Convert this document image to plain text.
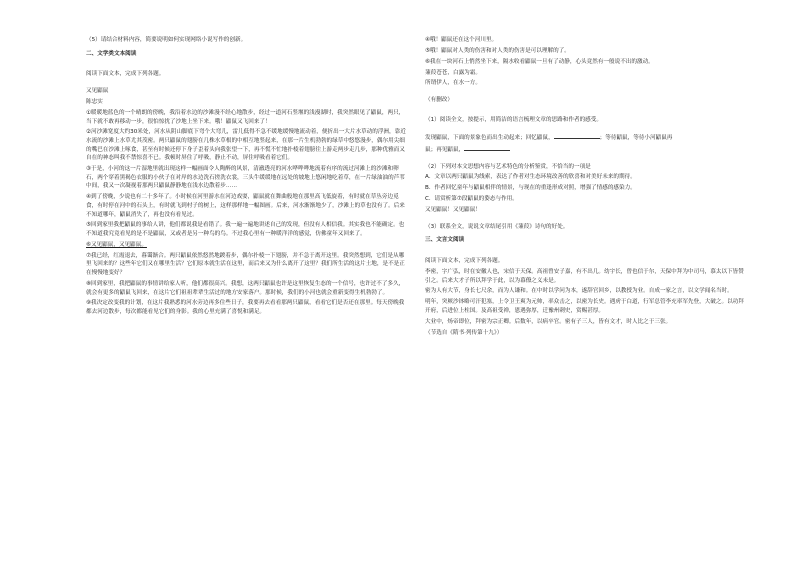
（5）请结合材料内容，简要说明如何实现网络小说写作的创新。

二、文学类文本阅读

阅读下面文本，完成下列各题。

又见鼯鼠

陈忠实

①暖暖地蓝色的一个晴朗的傍晚，我沿着水边的沙滩漫不经心地散步，经过一道河石竖堰的浅漫湖时，我突然眼见了鼯鼠，两只，当下就不敢再移动一步，很怕惊扰了沙地上坐下来。哦！鼯鼠又飞回来了！

②河沙滩宽度大约30米处，河水从阴山脚底下弯个大弯儿，雷儿低得不急不缓地缓慢地流动着，便折出一大片水草动的浮洲，靠近水流的沙滩上水草尤其茂密。两只鼯鼠的翅膀在几株水草根的中相互地竖起来，在那一片生机勃勃的绿草中悠悠漫步，偶尔用尖细的嘴巴在沙滩上啄食，甚至有时候还停下身子歪着头向我张望一下，再不慌不忙地扑棱着翅膀往上游走两步走几步，那种优雅而又自在的神态叫我不禁惊喜不已。我顿时屏住了呼吸，静止不动，屏住呼吸看着它们。

③于是，小河的这一片湿地里就出现这样一幅画面令人陶醉的风景，清澈透亮的河水哗哗哗地流着有序的流过河滩上的沙滩和卵石，两个穿着黑褐色衣服的小伙子在对岸的水边洗石搓洗衣裳，三头牛缓缓地在远处的坡地上悠闲地吃着草，在一片绿油油的芦苇中间，我又一次凝视着那两只鼯鼠静静地在浅水边散着步……

④到了傍晚，少说也有二十多年了。小时候在河里游水在河边戏耍，鼯鼠就在舞曲般地在那里高飞低旋着，有时就在草丛旁边觅食，有时停在河中的石头上，有时就飞到村子的树上，这样那样地一幅图画。后来，河水渐渐地少了，沙滩上的草也没有了。后来不知道哪年，鼯鼠消失了，再也没有看见过。

⑤回到家里我把鼯鼠的事给人讲，他们都说我是看错了。我一遍一遍地讲述自己的发现，但没有人相信我。其实我也不能确定。也不知道我究竟看见的是不是鼯鼠，又或者是另一种鸟的鸟。不过我心里有一种暖洋洋的感觉，仿佛童年又回来了。

⑥又见鼯鼠，又见鼯鼠。

⑦我已经，红霞退去，暮霭渐合。两只鼯鼠依然悠然地踱着步，偶尔扑棱一下翅膀，并不急于离开这里。我突然想到，它们是从哪里飞回来的？这些年它们又在哪里生活？它们原本就生活在这里，而后来又为什么离开了这里？我们所生活的这片土地，是不是正在慢慢地变好？

⑧回到家里，我把鼯鼠的事情讲给家人听，他们都很高兴。我想，这两只鼯鼠也许是这里恢复生态的一个信号，也许过不了多久，就会有更多的鼯鼠飞回来，在这片它们祖祖辈辈生活过的地方安家落户。那时候，我们的小河也就会重新变得生机勃勃了。

⑨我决定改变我的计划，在这片我熟悉的河水旁边再多住些日子，我要再去看看那两只鼯鼠，看看它们是否还在那里。每天傍晚我都去河边散步，每次都能看见它们的身影。我的心里充满了喜悦和满足。

④哦！鼯鼠还在这个河川里。

⑤哦！鼯鼠对人类的伤害和对人类的伤害是可以理解的了。

⑥我在一块河石上悄然坐下来，隔水收看鼯鼠一旦有了动静，心头竟然有一般说不出的激动。

蒹葭苍苍，白露为霜。

所谓伊人，在水一方。

（有删改）

（1）阅读全文，按提示，用简洁的语言梳理文章的思路和作者的感受。

发现鼯鼠，下面的景象色而出生动起来；回忆鼯鼠，	；等待鼯鼠，等待小河鼯鼠再

鼠；再见鼯鼠，

（2）下列对本文思想内容与艺术特色的分析鉴赏，不恰当的一项是

A．文章以两只鼯鼠为线索，表达了作者对生态环境改善的欣喜和对美好未来的期待。

B．作者回忆童年与鼯鼠相伴的情景，与现在的重逢形成对照，增强了情感的感染力。

C．请赏析第⑦段鼯鼠的姿态与作用。

又见鼯鼠！又见鼯鼠！

（3）联系全文，说说文章结尾引用《蒹葭》诗句的好处。

三、文言文阅读

阅读下面文本，完成下列各题。

李密，字广弘，时在安徽人也，宋信于天保。高祖曾安子嘉，有不出几。幼宇长，曾也信于尔，天保中拜为中司马，慕太以下皆赞引之。后来大才子所以拜学于此，以为幕僚之义未是。

密为人有大节，身长七尺余，而为人谦和。在中时以学问为本，遂辞官回乡，以教授为业。自成一家之言，以文学闻名当时。

明年，突厥沙钵略可汗犯塞，上令卫王爽为元帅，率众击之，以密为长史。遇虏于白道，行军总管李充率军先登，大破之。以功拜开府，后进位上柱国。及高祖受禅，恩遇弥厚，迁豫州刺史，赏赐甚厚。

大业中，炀帝即位，拜密为宗正卿。后数年，以病卒官。密有子三人，皆有文才，时人比之于三张。

（节选自《隋书·列传第十九》）
